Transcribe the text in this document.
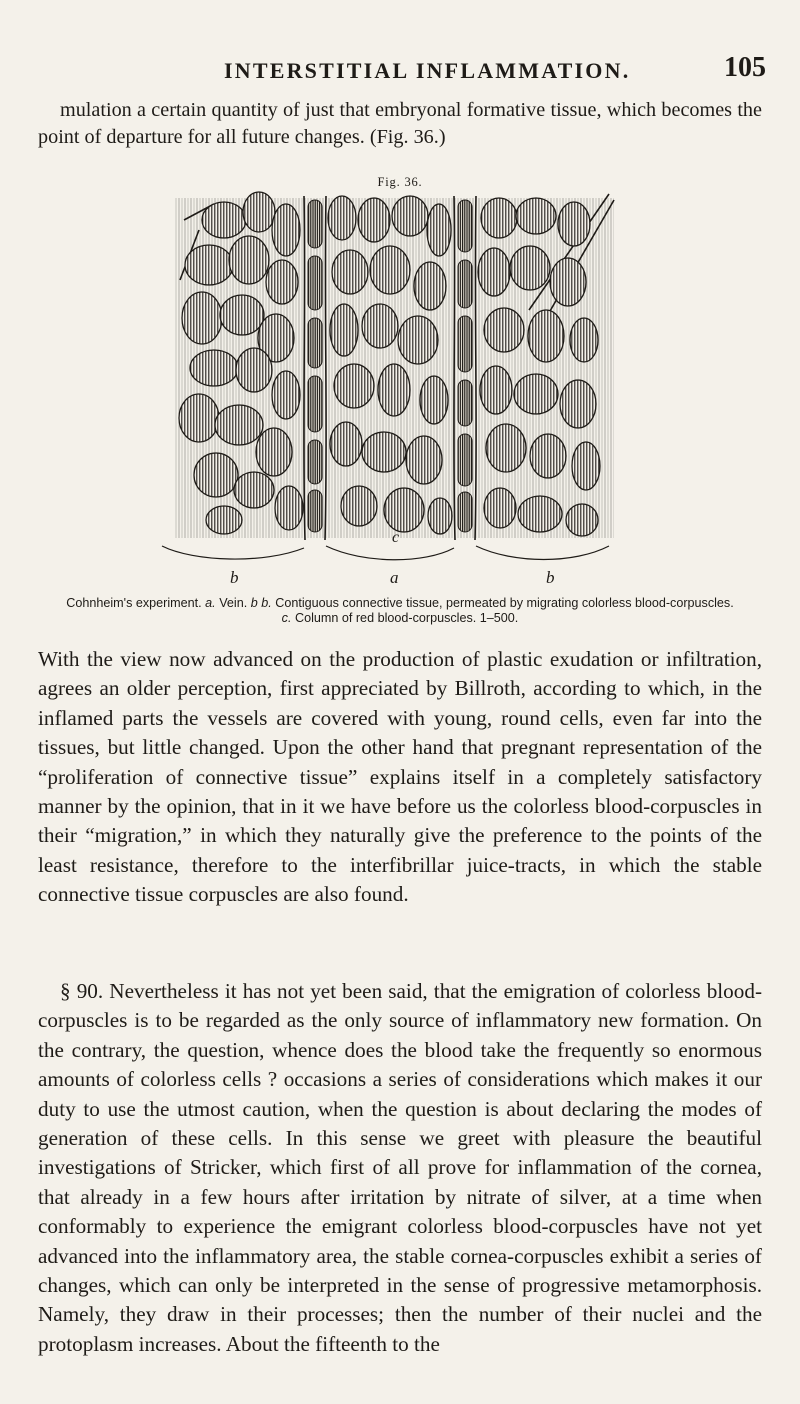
INTERSTITIAL INFLAMMATION.	105

mulation a certain quantity of just that embryonal formative tissue, which becomes the point of departure for all future changes. (Fig. 36.)

Fig. 36.
c
b	a	b
Cohnheim's experiment. a. Vein. b b. Contiguous connective tissue, permeated by migrating colorless blood-corpuscles. c. Column of red blood-corpuscles. 1–500.

With the view now advanced on the production of plastic exudation or infiltration, agrees an older perception, first appreciated by Billroth, according to which, in the inflamed parts the vessels are covered with young, round cells, even far into the tissues, but little changed. Upon the other hand that pregnant representation of the “proliferation of connective tissue” explains itself in a completely satisfactory manner by the opinion, that in it we have before us the colorless blood-corpuscles in their “migration,” in which they naturally give the preference to the points of the least resistance, therefore to the interfibrillar juice-tracts, in which the stable connective tissue corpuscles are also found.

§ 90. Nevertheless it has not yet been said, that the emigration of colorless blood-corpuscles is to be regarded as the only source of inflammatory new formation. On the contrary, the question, whence does the blood take the frequently so enormous amounts of colorless cells ? occasions a series of considerations which makes it our duty to use the utmost caution, when the question is about declaring the modes of generation of these cells. In this sense we greet with pleasure the beautiful investigations of Stricker, which first of all prove for inflammation of the cornea, that already in a few hours after irritation by nitrate of silver, at a time when conformably to experience the emigrant colorless blood-corpuscles have not yet advanced into the inflammatory area, the stable cornea-corpuscles exhibit a series of changes, which can only be interpreted in the sense of progressive metamorphosis. Namely, they draw in their processes; then the number of their nuclei and the protoplasm increases. About the fifteenth to the
